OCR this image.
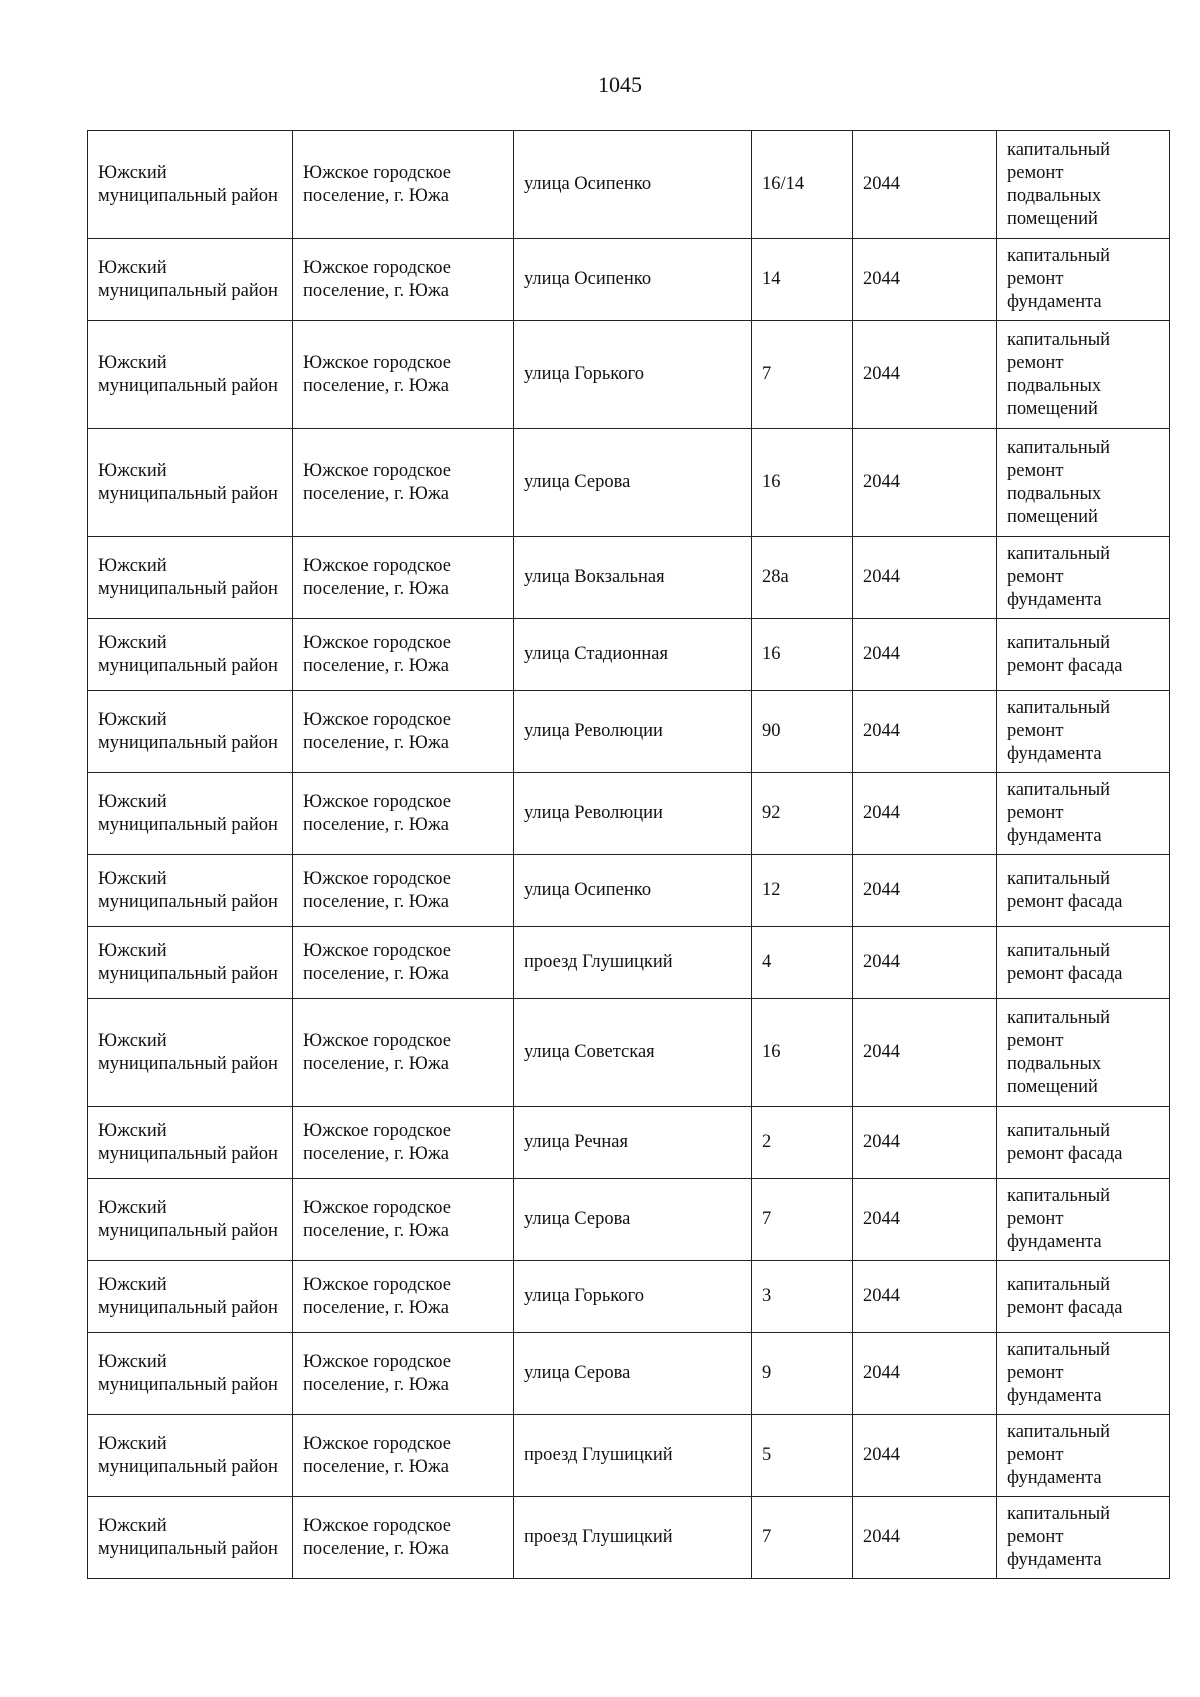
1045
Южский муниципальный район	Южское городское поселение, г. Южа	улица Осипенко	16/14	2044	капитальный ремонт подвальных помещений
Южский муниципальный район	Южское городское поселение, г. Южа	улица Осипенко	14	2044	капитальный ремонт фундамента
Южский муниципальный район	Южское городское поселение, г. Южа	улица Горького	7	2044	капитальный ремонт подвальных помещений
Южский муниципальный район	Южское городское поселение, г. Южа	улица Серова	16	2044	капитальный ремонт подвальных помещений
Южский муниципальный район	Южское городское поселение, г. Южа	улица Вокзальная	28а	2044	капитальный ремонт фундамента
Южский муниципальный район	Южское городское поселение, г. Южа	улица Стадионная	16	2044	капитальный ремонт фасада
Южский муниципальный район	Южское городское поселение, г. Южа	улица Революции	90	2044	капитальный ремонт фундамента
Южский муниципальный район	Южское городское поселение, г. Южа	улица Революции	92	2044	капитальный ремонт фундамента
Южский муниципальный район	Южское городское поселение, г. Южа	улица Осипенко	12	2044	капитальный ремонт фасада
Южский муниципальный район	Южское городское поселение, г. Южа	проезд Глушицкий	4	2044	капитальный ремонт фасада
Южский муниципальный район	Южское городское поселение, г. Южа	улица Советская	16	2044	капитальный ремонт подвальных помещений
Южский муниципальный район	Южское городское поселение, г. Южа	улица Речная	2	2044	капитальный ремонт фасада
Южский муниципальный район	Южское городское поселение, г. Южа	улица Серова	7	2044	капитальный ремонт фундамента
Южский муниципальный район	Южское городское поселение, г. Южа	улица Горького	3	2044	капитальный ремонт фасада
Южский муниципальный район	Южское городское поселение, г. Южа	улица Серова	9	2044	капитальный ремонт фундамента
Южский муниципальный район	Южское городское поселение, г. Южа	проезд Глушицкий	5	2044	капитальный ремонт фундамента
Южский муниципальный район	Южское городское поселение, г. Южа	проезд Глушицкий	7	2044	капитальный ремонт фундамента
